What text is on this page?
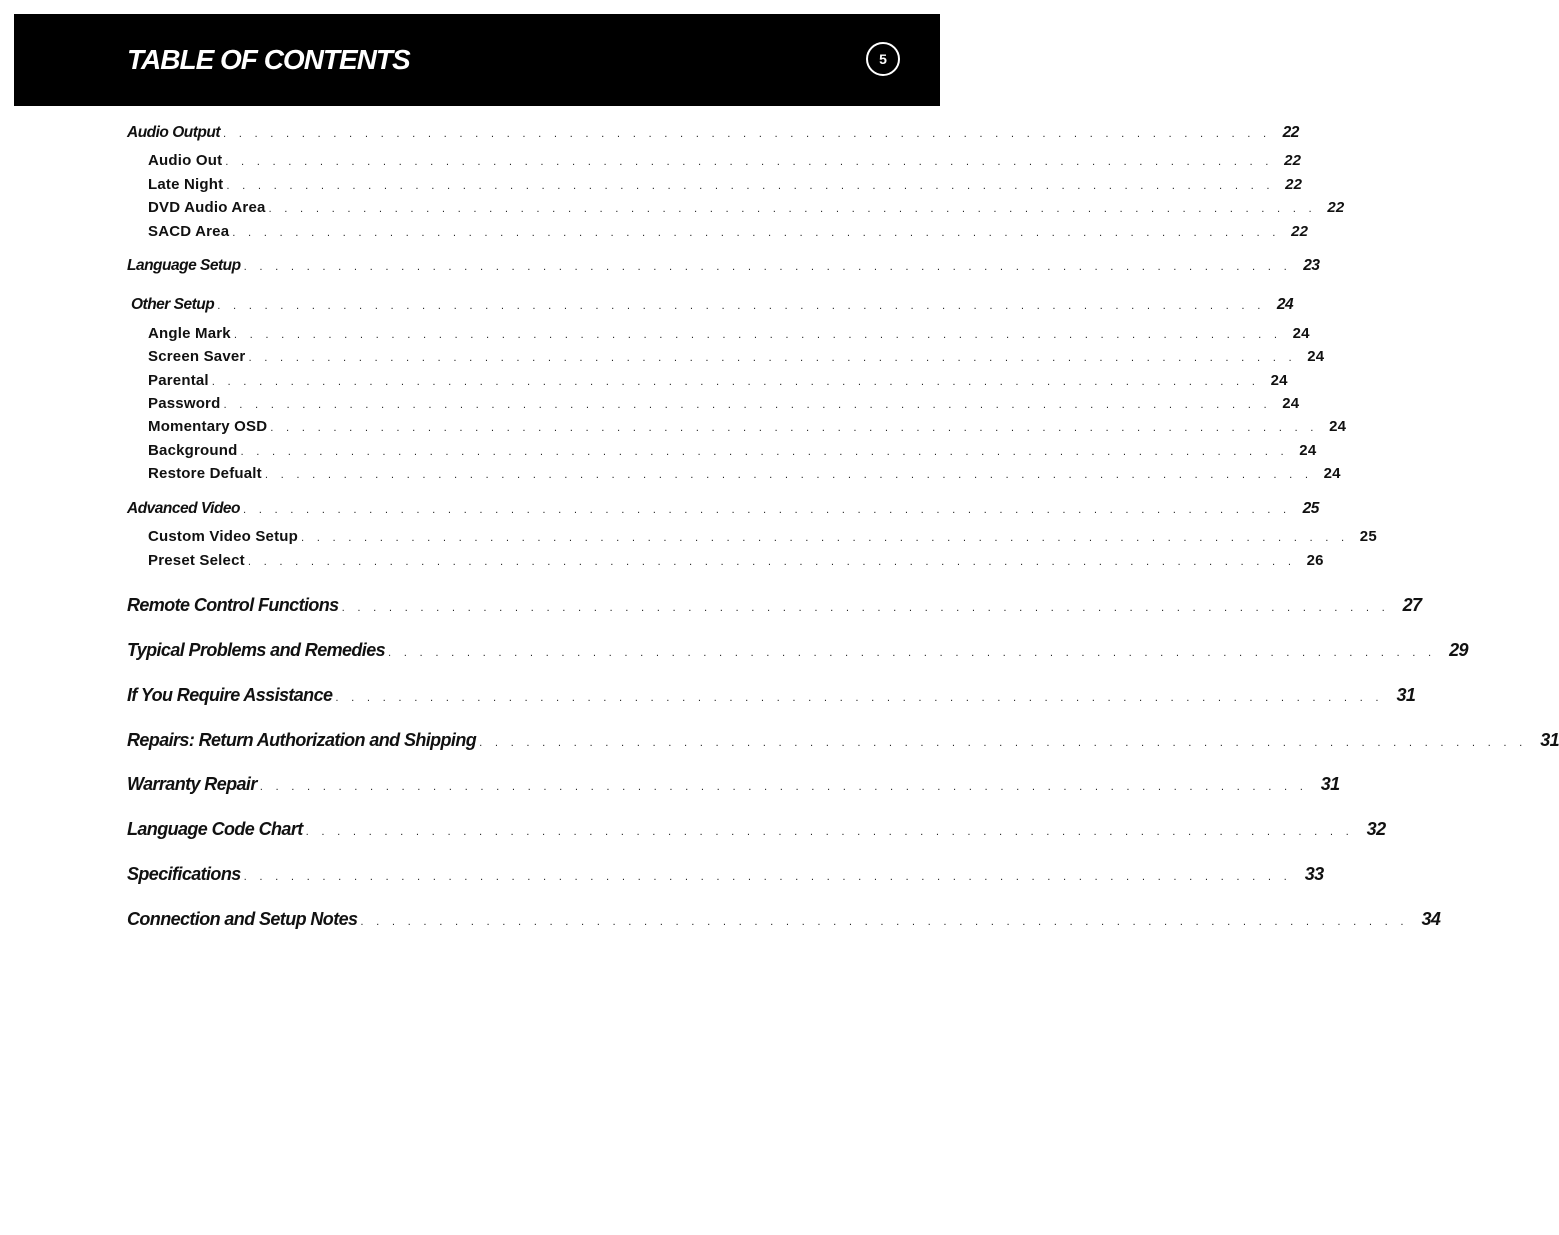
TABLE OF CONTENTS	5
Audio Output . . . . . . . . . . . . . . . . . . . . . . . . . . . . . . . . . . . . . . . . . . . . . . . . . . . . . . . . . . . . . . . . . . . 22
Audio Out . . . . . . . . . . . . . . . . . . . . . . . . . . . . . . . . . . . . . . . . . . . . . . . . . . . . . . . . . . . . . . . . . . . 22
Late Night . . . . . . . . . . . . . . . . . . . . . . . . . . . . . . . . . . . . . . . . . . . . . . . . . . . . . . . . . . . . . . . . . . . 22
DVD Audio Area . . . . . . . . . . . . . . . . . . . . . . . . . . . . . . . . . . . . . . . . . . . . . . . . . . . . . . . . . . . . . . . . . . . 22
SACD Area . . . . . . . . . . . . . . . . . . . . . . . . . . . . . . . . . . . . . . . . . . . . . . . . . . . . . . . . . . . . . . . . . . . 22
Language Setup . . . . . . . . . . . . . . . . . . . . . . . . . . . . . . . . . . . . . . . . . . . . . . . . . . . . . . . . . . . . . . . . . . . 23
Other Setup . . . . . . . . . . . . . . . . . . . . . . . . . . . . . . . . . . . . . . . . . . . . . . . . . . . . . . . . . . . . . . . . . . . 24
Angle Mark . . . . . . . . . . . . . . . . . . . . . . . . . . . . . . . . . . . . . . . . . . . . . . . . . . . . . . . . . . . . . . . . . . . 24
Screen Saver . . . . . . . . . . . . . . . . . . . . . . . . . . . . . . . . . . . . . . . . . . . . . . . . . . . . . . . . . . . . . . . . . . . 24
Parental . . . . . . . . . . . . . . . . . . . . . . . . . . . . . . . . . . . . . . . . . . . . . . . . . . . . . . . . . . . . . . . . . . . 24
Password . . . . . . . . . . . . . . . . . . . . . . . . . . . . . . . . . . . . . . . . . . . . . . . . . . . . . . . . . . . . . . . . . . . 24
Momentary OSD . . . . . . . . . . . . . . . . . . . . . . . . . . . . . . . . . . . . . . . . . . . . . . . . . . . . . . . . . . . . . . . . . . . 24
Background . . . . . . . . . . . . . . . . . . . . . . . . . . . . . . . . . . . . . . . . . . . . . . . . . . . . . . . . . . . . . . . . . . . 24
Restore Defualt . . . . . . . . . . . . . . . . . . . . . . . . . . . . . . . . . . . . . . . . . . . . . . . . . . . . . . . . . . . . . . . . . . . 24
Advanced Video . . . . . . . . . . . . . . . . . . . . . . . . . . . . . . . . . . . . . . . . . . . . . . . . . . . . . . . . . . . . . . . . . . . 25
Custom Video Setup . . . . . . . . . . . . . . . . . . . . . . . . . . . . . . . . . . . . . . . . . . . . . . . . . . . . . . . . . . . . . . . . . . . 25
Preset Select . . . . . . . . . . . . . . . . . . . . . . . . . . . . . . . . . . . . . . . . . . . . . . . . . . . . . . . . . . . . . . . . . . . 26
Remote Control Functions . . . . . . . . . . . . . . . . . . . . . . . . . . . . . . . . . . . . . . . . . . . . . . . . . . . . . . . . . . . . . . . . . . . 27
Typical Problems and Remedies . . . . . . . . . . . . . . . . . . . . . . . . . . . . . . . . . . . . . . . . . . . . . . . . . . . . . . . . . . . . . . . . . . . 29
If You Require Assistance . . . . . . . . . . . . . . . . . . . . . . . . . . . . . . . . . . . . . . . . . . . . . . . . . . . . . . . . . . . . . . . . . . . 31
Repairs: Return Authorization and Shipping . . . . . . . . . . . . . . . . . . . . . . . . . . . . . . . . . . . . . . . . . . . . . . . . . . . . . . . . . . . . . . . . . . . 31
Warranty Repair . . . . . . . . . . . . . . . . . . . . . . . . . . . . . . . . . . . . . . . . . . . . . . . . . . . . . . . . . . . . . . . . . . . 31
Language Code Chart . . . . . . . . . . . . . . . . . . . . . . . . . . . . . . . . . . . . . . . . . . . . . . . . . . . . . . . . . . . . . . . . . . . 32
Specifications . . . . . . . . . . . . . . . . . . . . . . . . . . . . . . . . . . . . . . . . . . . . . . . . . . . . . . . . . . . . . . . . . . . 33
Connection and Setup Notes . . . . . . . . . . . . . . . . . . . . . . . . . . . . . . . . . . . . . . . . . . . . . . . . . . . . . . . . . . . . . . . . . . . 34
